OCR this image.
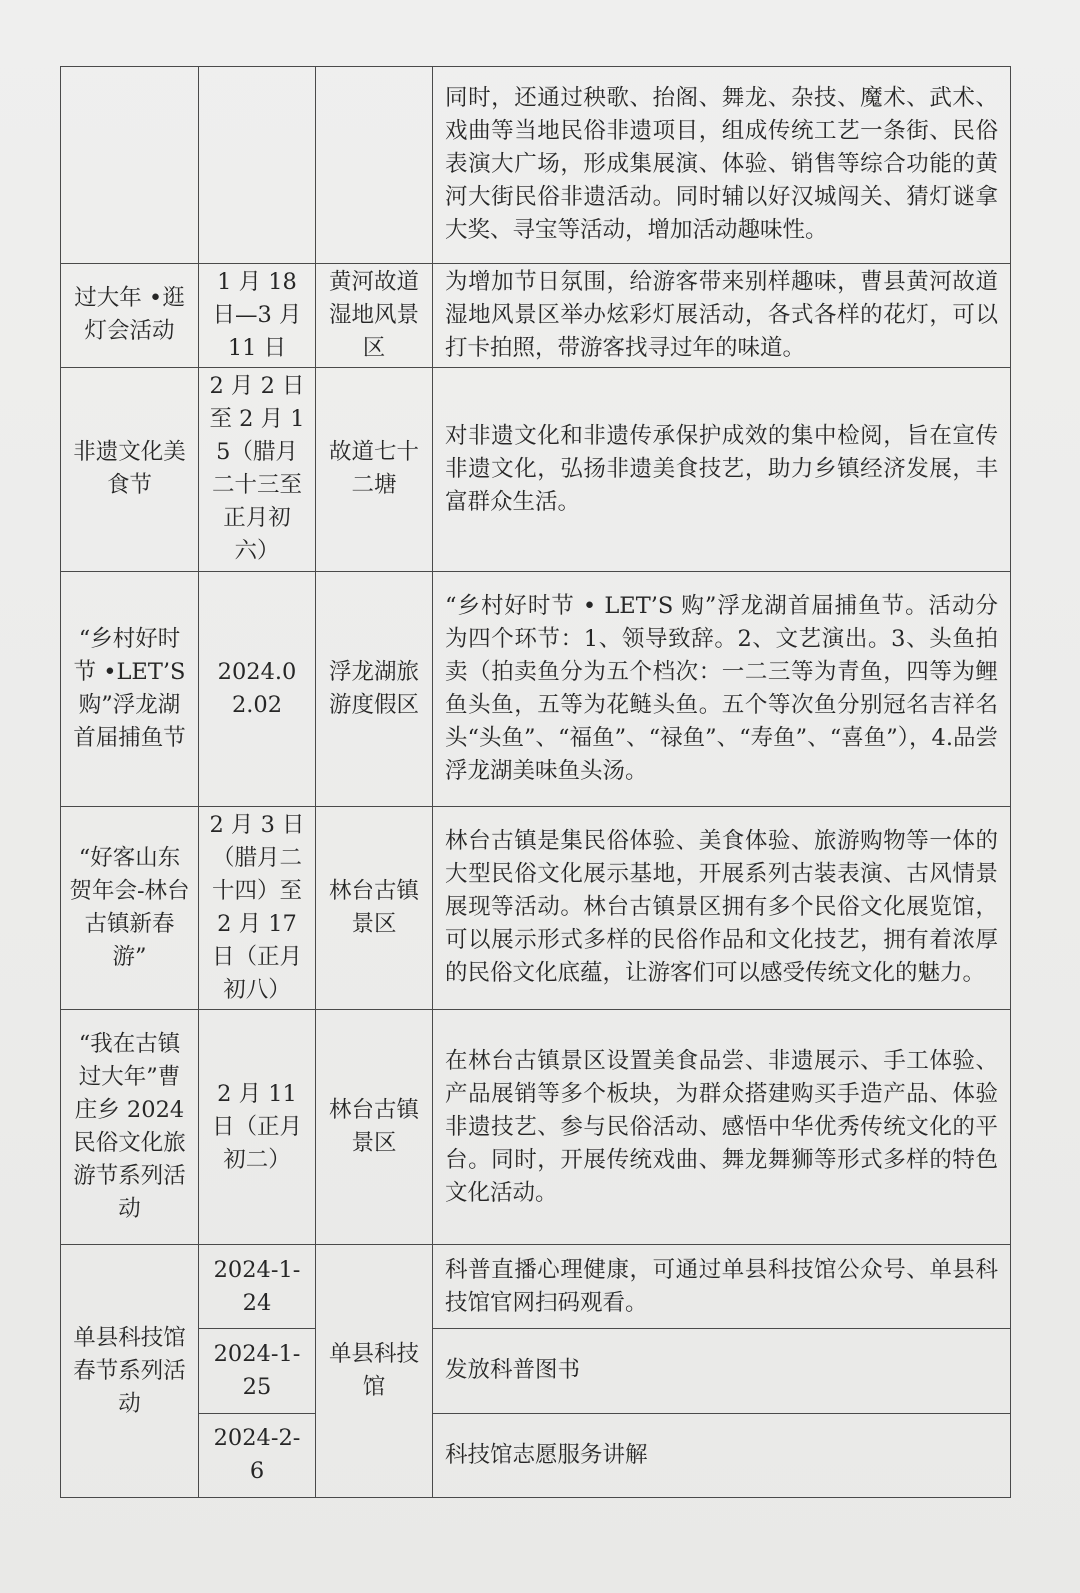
			同时，还通过秧歌、抬阁、舞龙、杂技、魔术、武术、戏曲等当地民俗非遗项目，组成传统工艺一条街、民俗表演大广场，形成集展演、体验、销售等综合功能的黄河大街民俗非遗活动。同时辅以好汉城闯关、猜灯谜拿大奖、寻宝等活动，增加活动趣味性。
过大年 •逛灯会活动	1 月 18 日—3 月 11 日	黄河故道湿地风景区	为增加节日氛围，给游客带来别样趣味，曹县黄河故道湿地风景区举办炫彩灯展活动，各式各样的花灯，可以打卡拍照，带游客找寻过年的味道。
非遗文化美食节	2 月 2 日至 2 月 15（腊月二十三至正月初六）	故道七十二塘	对非遗文化和非遗传承保护成效的集中检阅，旨在宣传非遗文化，弘扬非遗美食技艺，助力乡镇经济发展，丰富群众生活。
“乡村好时节 •LET’S 购”浮龙湖首届捕鱼节	2024.02.02	浮龙湖旅游度假区	“乡村好时节 • LET’S 购”浮龙湖首届捕鱼节。活动分为四个环节：1、领导致辞。2、文艺演出。3、头鱼拍卖（拍卖鱼分为五个档次：一二三等为青鱼，四等为鲤鱼头鱼，五等为花鲢头鱼。五个等次鱼分别冠名吉祥名头“头鱼”、“福鱼”、“禄鱼”、“寿鱼”、“喜鱼”），4.品尝浮龙湖美味鱼头汤。
“好客山东贺年会-林台古镇新春游”	2 月 3 日（腊月二十四）至 2 月 17 日（正月初八）	林台古镇景区	林台古镇是集民俗体验、美食体验、旅游购物等一体的大型民俗文化展示基地，开展系列古装表演、古风情景展现等活动。林台古镇景区拥有多个民俗文化展览馆，可以展示形式多样的民俗作品和文化技艺，拥有着浓厚的民俗文化底蕴，让游客们可以感受传统文化的魅力。
“我在古镇过大年”曹庄乡 2024 民俗文化旅游节系列活动	2 月 11 日（正月初二）	林台古镇景区	在林台古镇景区设置美食品尝、非遗展示、手工体验、产品展销等多个板块，为群众搭建购买手造产品、体验非遗技艺、参与民俗活动、感悟中华优秀传统文化的平台。同时，开展传统戏曲、舞龙舞狮等形式多样的特色文化活动。
单县科技馆春节系列活动	2024-1-24	单县科技馆	科普直播心理健康，可通过单县科技馆公众号、单县科技馆官网扫码观看。
	2024-1-25		发放科普图书
	2024-2-6		科技馆志愿服务讲解
